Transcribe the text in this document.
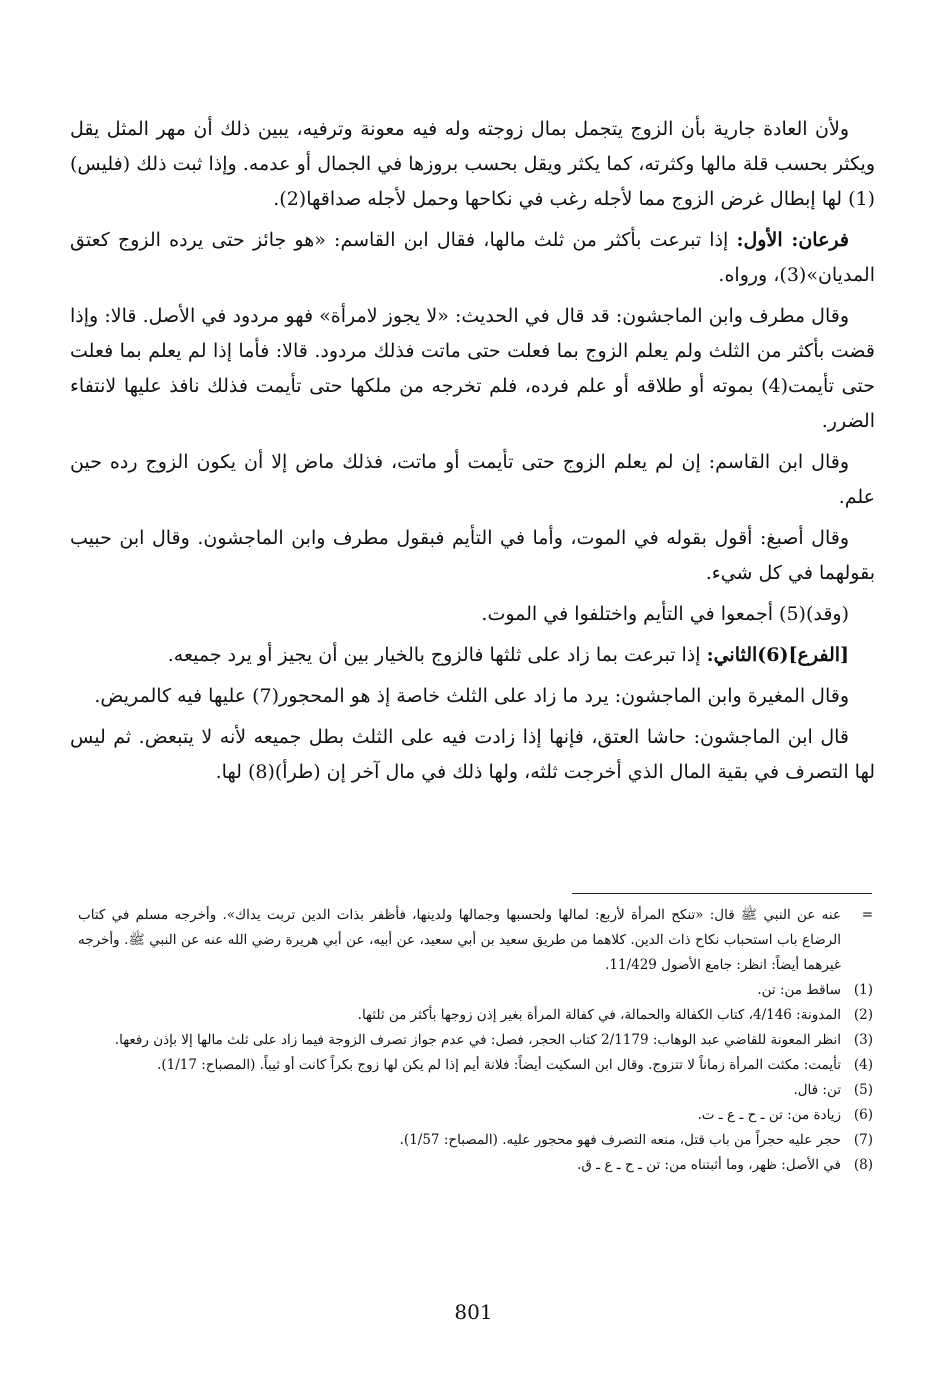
ولأن العادة جارية بأن الزوج يتجمل بمال زوجته وله فيه معونة وترفيه، يبين ذلك أن مهر المثل يقل ويكثر بحسب قلة مالها وكثرته، كما يكثر ويقل بحسب بروزها في الجمال أو عدمه. وإذا ثبت ذلك (فليس)(1) لها إبطال غرض الزوج مما لأجله رغب في نكاحها وحمل لأجله صداقها(2).

فرعان: الأول: إذا تبرعت بأكثر من ثلث مالها، فقال ابن القاسم: «هو جائز حتى يرده الزوج كعتق المديان»(3)، ورواه.

وقال مطرف وابن الماجشون: قد قال في الحديث: «لا يجوز لامرأة» فهو مردود في الأصل. قالا: وإذا قضت بأكثر من الثلث ولم يعلم الزوج بما فعلت حتى ماتت فذلك مردود. قالا: فأما إذا لم يعلم بما فعلت حتى تأيمت(4) بموته أو طلاقه أو علم فرده، فلم تخرجه من ملكها حتى تأيمت فذلك نافذ عليها لانتفاء الضرر.

وقال ابن القاسم: إن لم يعلم الزوج حتى تأيمت أو ماتت، فذلك ماض إلا أن يكون الزوج رده حين علم.

وقال أصبغ: أقول بقوله في الموت، وأما في التأيم فبقول مطرف وابن الماجشون. وقال ابن حبيب بقولهما في كل شيء.

(وقد)(5) أجمعوا في التأيم واختلفوا في الموت.

[الفرع](6)الثاني: إذا تبرعت بما زاد على ثلثها فالزوج بالخيار بين أن يجيز أو يرد جميعه.

وقال المغيرة وابن الماجشون: يرد ما زاد على الثلث خاصة إذ هو المحجور(7) عليها فيه كالمريض.

قال ابن الماجشون: حاشا العتق، فإنها إذا زادت فيه على الثلث بطل جميعه لأنه لا يتبعض. ثم ليس لها التصرف في بقية المال الذي أخرجت ثلثه، ولها ذلك في مال آخر إن (طرأ)(8) لها.

=
عنه عن النبي ﷺ قال: «تنكح المرأة لأربع: لمالها ولحسبها وجمالها ولدينها، فأظفر بذات الدين تربت يداك». وأخرجه مسلم في كتاب الرضاع باب استحباب نكاح ذات الدين. كلاهما من طريق سعيد بن أبي سعيد، عن أبيه، عن أبي هريرة رضي الله عنه عن النبي ﷺ. وأخرجه غيرهما أيضاً: انظر: جامع الأصول 11/429.
(1)
ساقط من: تن.
(2)
المدونة: 4/146، كتاب الكفالة والحمالة، في كفالة المرأة بغير إذن زوجها بأكثر من ثلثها.
(3)
انظر المعونة للقاضي عبد الوهاب: 2/1179 كتاب الحجر، فصل: في عدم جواز تصرف الزوجة فيما زاد على ثلث مالها إلا بإذن رفعها.
(4)
تأيمت: مكثت المرأة زماناً لا تتزوج. وقال ابن السكيت أيضاً: فلانة أيم إذا لم يكن لها زوج بكراً كانت أو ثيباً. (المصباح: 1/17).
(5)
تن: قال.
(6)
زيادة من: تن ـ ح ـ ع ـ ت.
(7)
حجر عليه حجراً من باب قتل، منعه التصرف فهو محجور عليه. (المصباح: 1/57).
(8)
في الأصل: ظهر، وما أثبتناه من: تن ـ ح ـ ع ـ ق.
801
